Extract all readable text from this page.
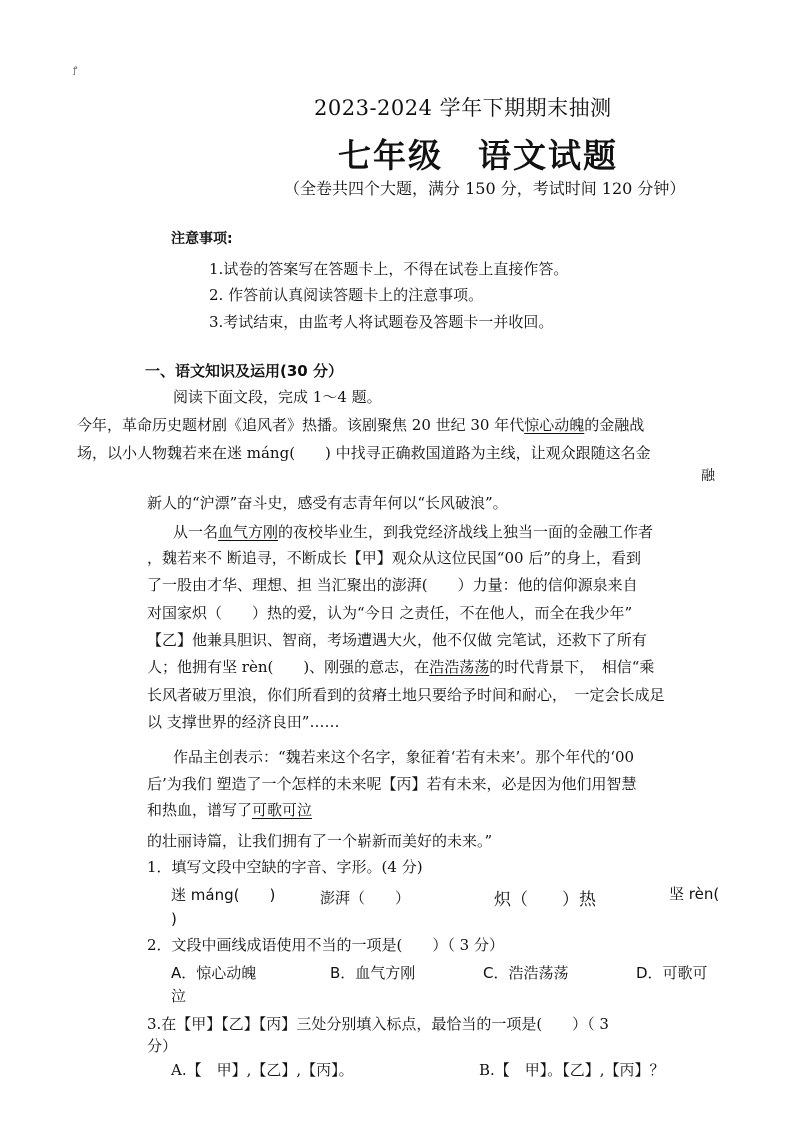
ꝭ
2023-2024 学年下期期末抽测
七年级　语文试题
（全卷共四个大题，满分 150 分，考试时间 120 分钟）
注意事项:
1.试卷的答案写在答题卡上，不得在试卷上直接作答。
2. 作答前认真阅读答题卡上的注意事项。
3.考试结束，由监考人将试题卷及答题卡一并收回。
一、语文知识及运用(30 分）
阅读下面文段，完成 1～4 题。
今年，革命历史题材剧《追风者》热播。该剧聚焦 20 世纪 30 年代惊心动魄的金融战
场，以小人物魏若来在迷 máng(　　) 中找寻正确救国道路为主线，让观众跟随这名金
融
新人的“沪漂”奋斗史，感受有志青年何以“长风破浪”。
从一名血气方刚的夜校毕业生，到我党经济战线上独当一面的金融工作者
，魏若来不 断追寻，不断成长【甲】观众从这位民国“00 后”的身上，看到
了一股由才华、理想、担 当汇聚出的澎湃(　　）力量：他的信仰源泉来自
对国家炽（　　）热的爱，认为“今日 之责任，不在他人，而全在我少年”
【乙】他兼具胆识、智商，考场遭遇大火，他不仅做 完笔试，还救下了所有
人；他拥有坚 rèn(　　)、刚强的意志，在浩浩荡荡的时代背景下，　相信“乘
长风者破万里浪，你们所看到的贫瘠土地只要给予时间和耐心，　一定会长成足
以 支撑世界的经济良田”……
作品主创表示：“魏若来这个名字，象征着‘若有未来’。那个年代的‘00
后’为我们 塑造了一个怎样的未来呢【丙】若有未来，必是因为他们用智慧
和热血，谱写了可歌可泣
的壮丽诗篇，让我们拥有了一个崭新而美好的未来。”
1．填写文段中空缺的字音、字形。(4 分)
迷 máng(　　)	澎湃（　　）	炽（　　）热	坚 rèn(
)
2．文段中画线成语使用不当的一项是(　　）（ 3 分）
A．惊心动魄	B．血气方刚	C．浩浩荡荡	D．可歌可
泣
3.在【甲】【乙】【丙】三处分别填入标点，最恰当的一项是(　　）（ 3
分）
A.【　甲】,【乙】,【丙】。	B.【　甲】。【乙】,【丙】？
